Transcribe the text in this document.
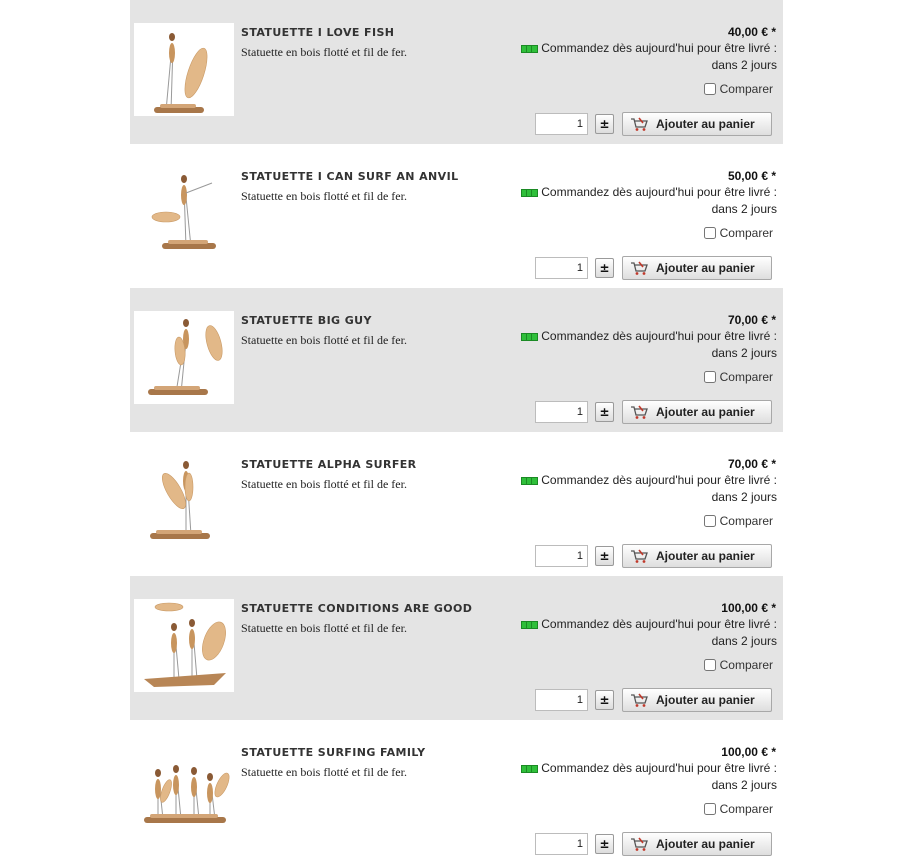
STATUETTE I LOVE FISH
Statuette en bois flotté et fil de fer.
40,00 € *
Commandez dès aujourd'hui pour être livré : dans 2 jours
Comparer
1	±	Ajouter au panier
STATUETTE I CAN SURF AN ANVIL
Statuette en bois flotté et fil de fer.
50,00 € *
Commandez dès aujourd'hui pour être livré : dans 2 jours
Comparer
1	±	Ajouter au panier
STATUETTE BIG GUY
Statuette en bois flotté et fil de fer.
70,00 € *
Commandez dès aujourd'hui pour être livré : dans 2 jours
Comparer
1	±	Ajouter au panier
STATUETTE ALPHA SURFER
Statuette en bois flotté et fil de fer.
70,00 € *
Commandez dès aujourd'hui pour être livré : dans 2 jours
Comparer
1	±	Ajouter au panier
STATUETTE CONDITIONS ARE GOOD
Statuette en bois flotté et fil de fer.
100,00 € *
Commandez dès aujourd'hui pour être livré : dans 2 jours
Comparer
1	±	Ajouter au panier
STATUETTE SURFING FAMILY
Statuette en bois flotté et fil de fer.
100,00 € *
Commandez dès aujourd'hui pour être livré : dans 2 jours
Comparer
1	±	Ajouter au panier
